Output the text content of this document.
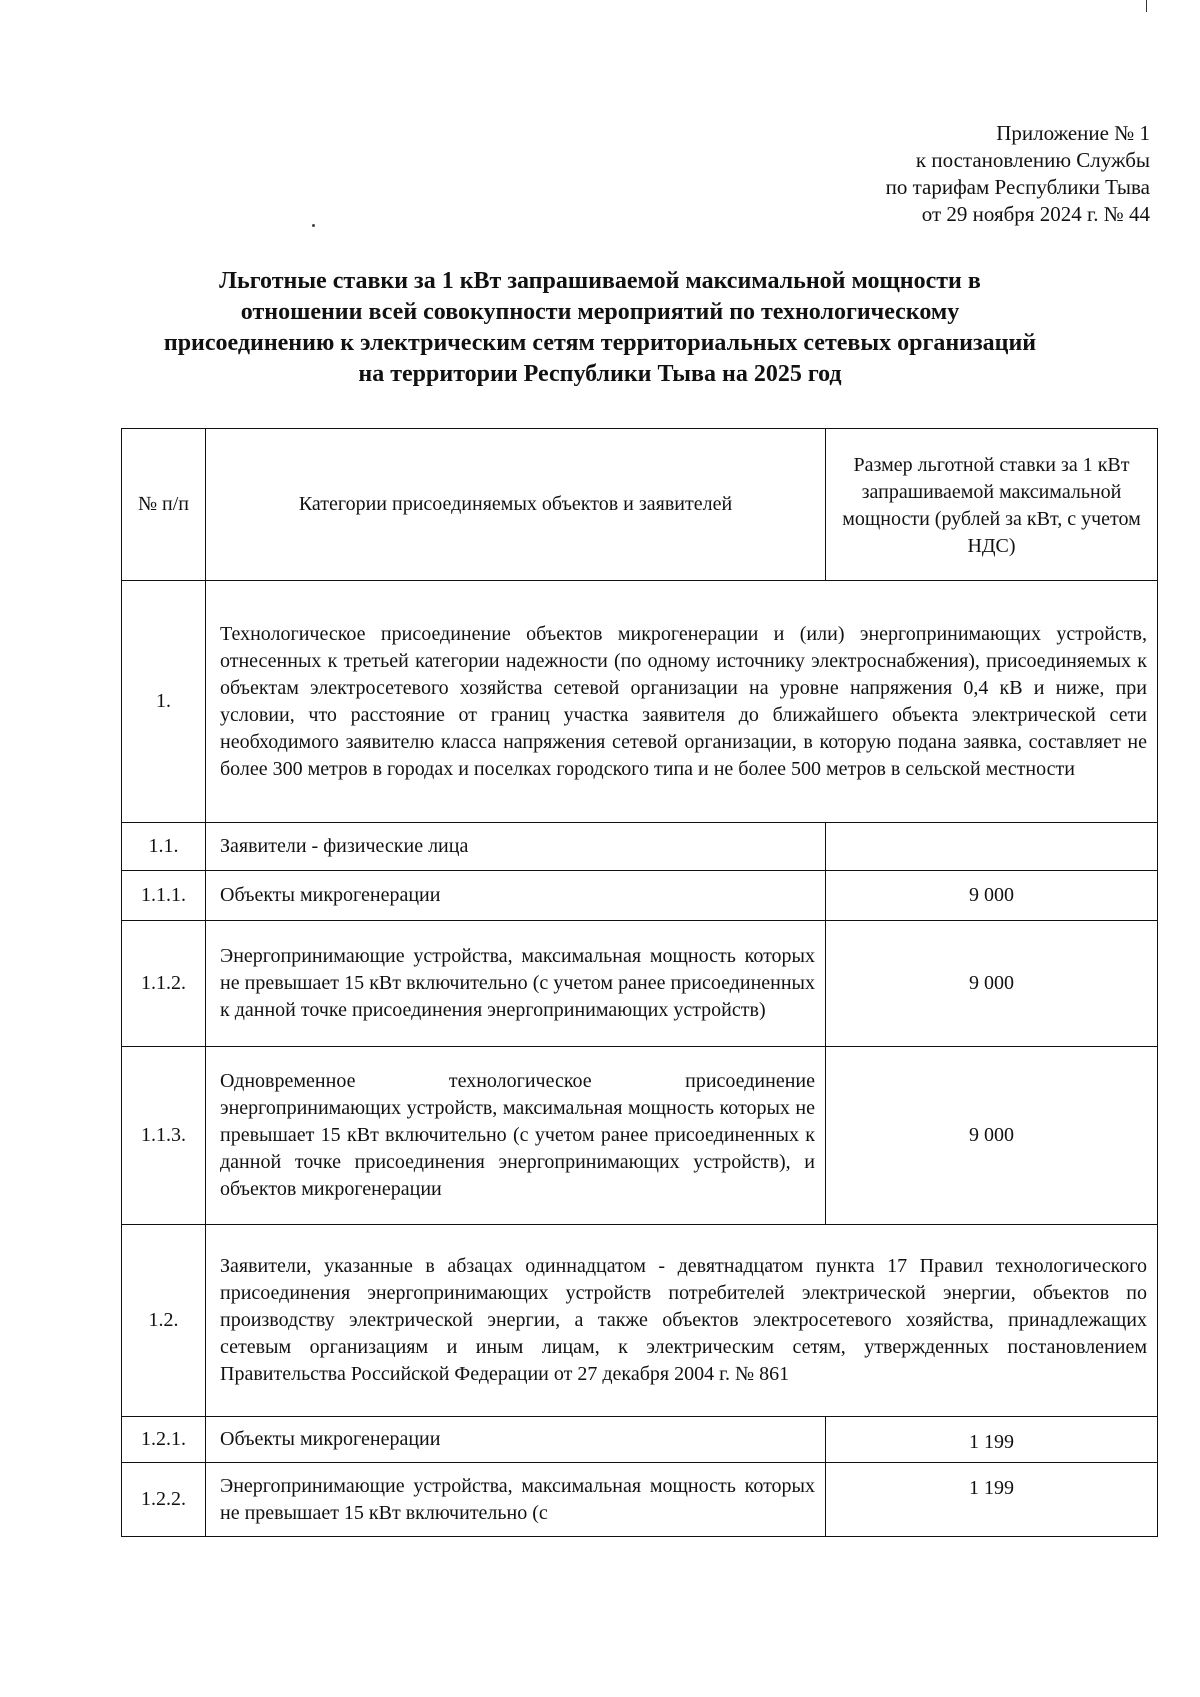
Приложение № 1
к постановлению Службы
по тарифам Республики Тыва
от 29 ноября 2024 г. № 44
Льготные ставки за 1 кВт запрашиваемой максимальной мощности в
отношении всей совокупности мероприятий по технологическому
присоединению к электрическим сетям территориальных сетевых организаций
на территории Республики Тыва на 2025 год
№ п/п	Категории присоединяемых объектов и заявителей	Размер льготной ставки за 1 кВт запрашиваемой максимальной мощности (рублей за кВт, с учетом НДС)
1.	Технологическое присоединение объектов микрогенерации и (или) энергопринимающих устройств, отнесенных к третьей категории надежности (по одному источнику электроснабжения), присоединяемых к объектам электросетевого хозяйства сетевой организации на уровне напряжения 0,4 кВ и ниже, при условии, что расстояние от границ участка заявителя до ближайшего объекта электрической сети необходимого заявителю класса напряжения сетевой организации, в которую подана заявка, составляет не более 300 метров в городах и поселках городского типа и не более 500 метров в сельской местности	
1.1.	Заявители - физические лица	
1.1.1.	Объекты микрогенерации	9 000
1.1.2.	Энергопринимающие устройства, максимальная мощность которых не превышает 15 кВт включительно (с учетом ранее присоединенных к данной точке присоединения энергопринимающих устройств)	9 000
1.1.3.	Одновременное технологическое присоединение энергопринимающих устройств, максимальная мощность которых не превышает 15 кВт включительно (с учетом ранее присоединенных к данной точке присоединения энергопринимающих устройств), и объектов микрогенерации	9 000
1.2.	Заявители, указанные в абзацах одиннадцатом - девятнадцатом пункта 17 Правил технологического присоединения энергопринимающих устройств потребителей электрической энергии, объектов по производству электрической энергии, а также объектов электросетевого хозяйства, принадлежащих сетевым организациям и иным лицам, к электрическим сетям, утвержденных постановлением Правительства Российской Федерации от 27 декабря 2004 г. № 861	
1.2.1.	Объекты микрогенерации	1 199
1.2.2.	Энергопринимающие устройства, максимальная мощность которых не превышает 15 кВт включительно (с	1 199
